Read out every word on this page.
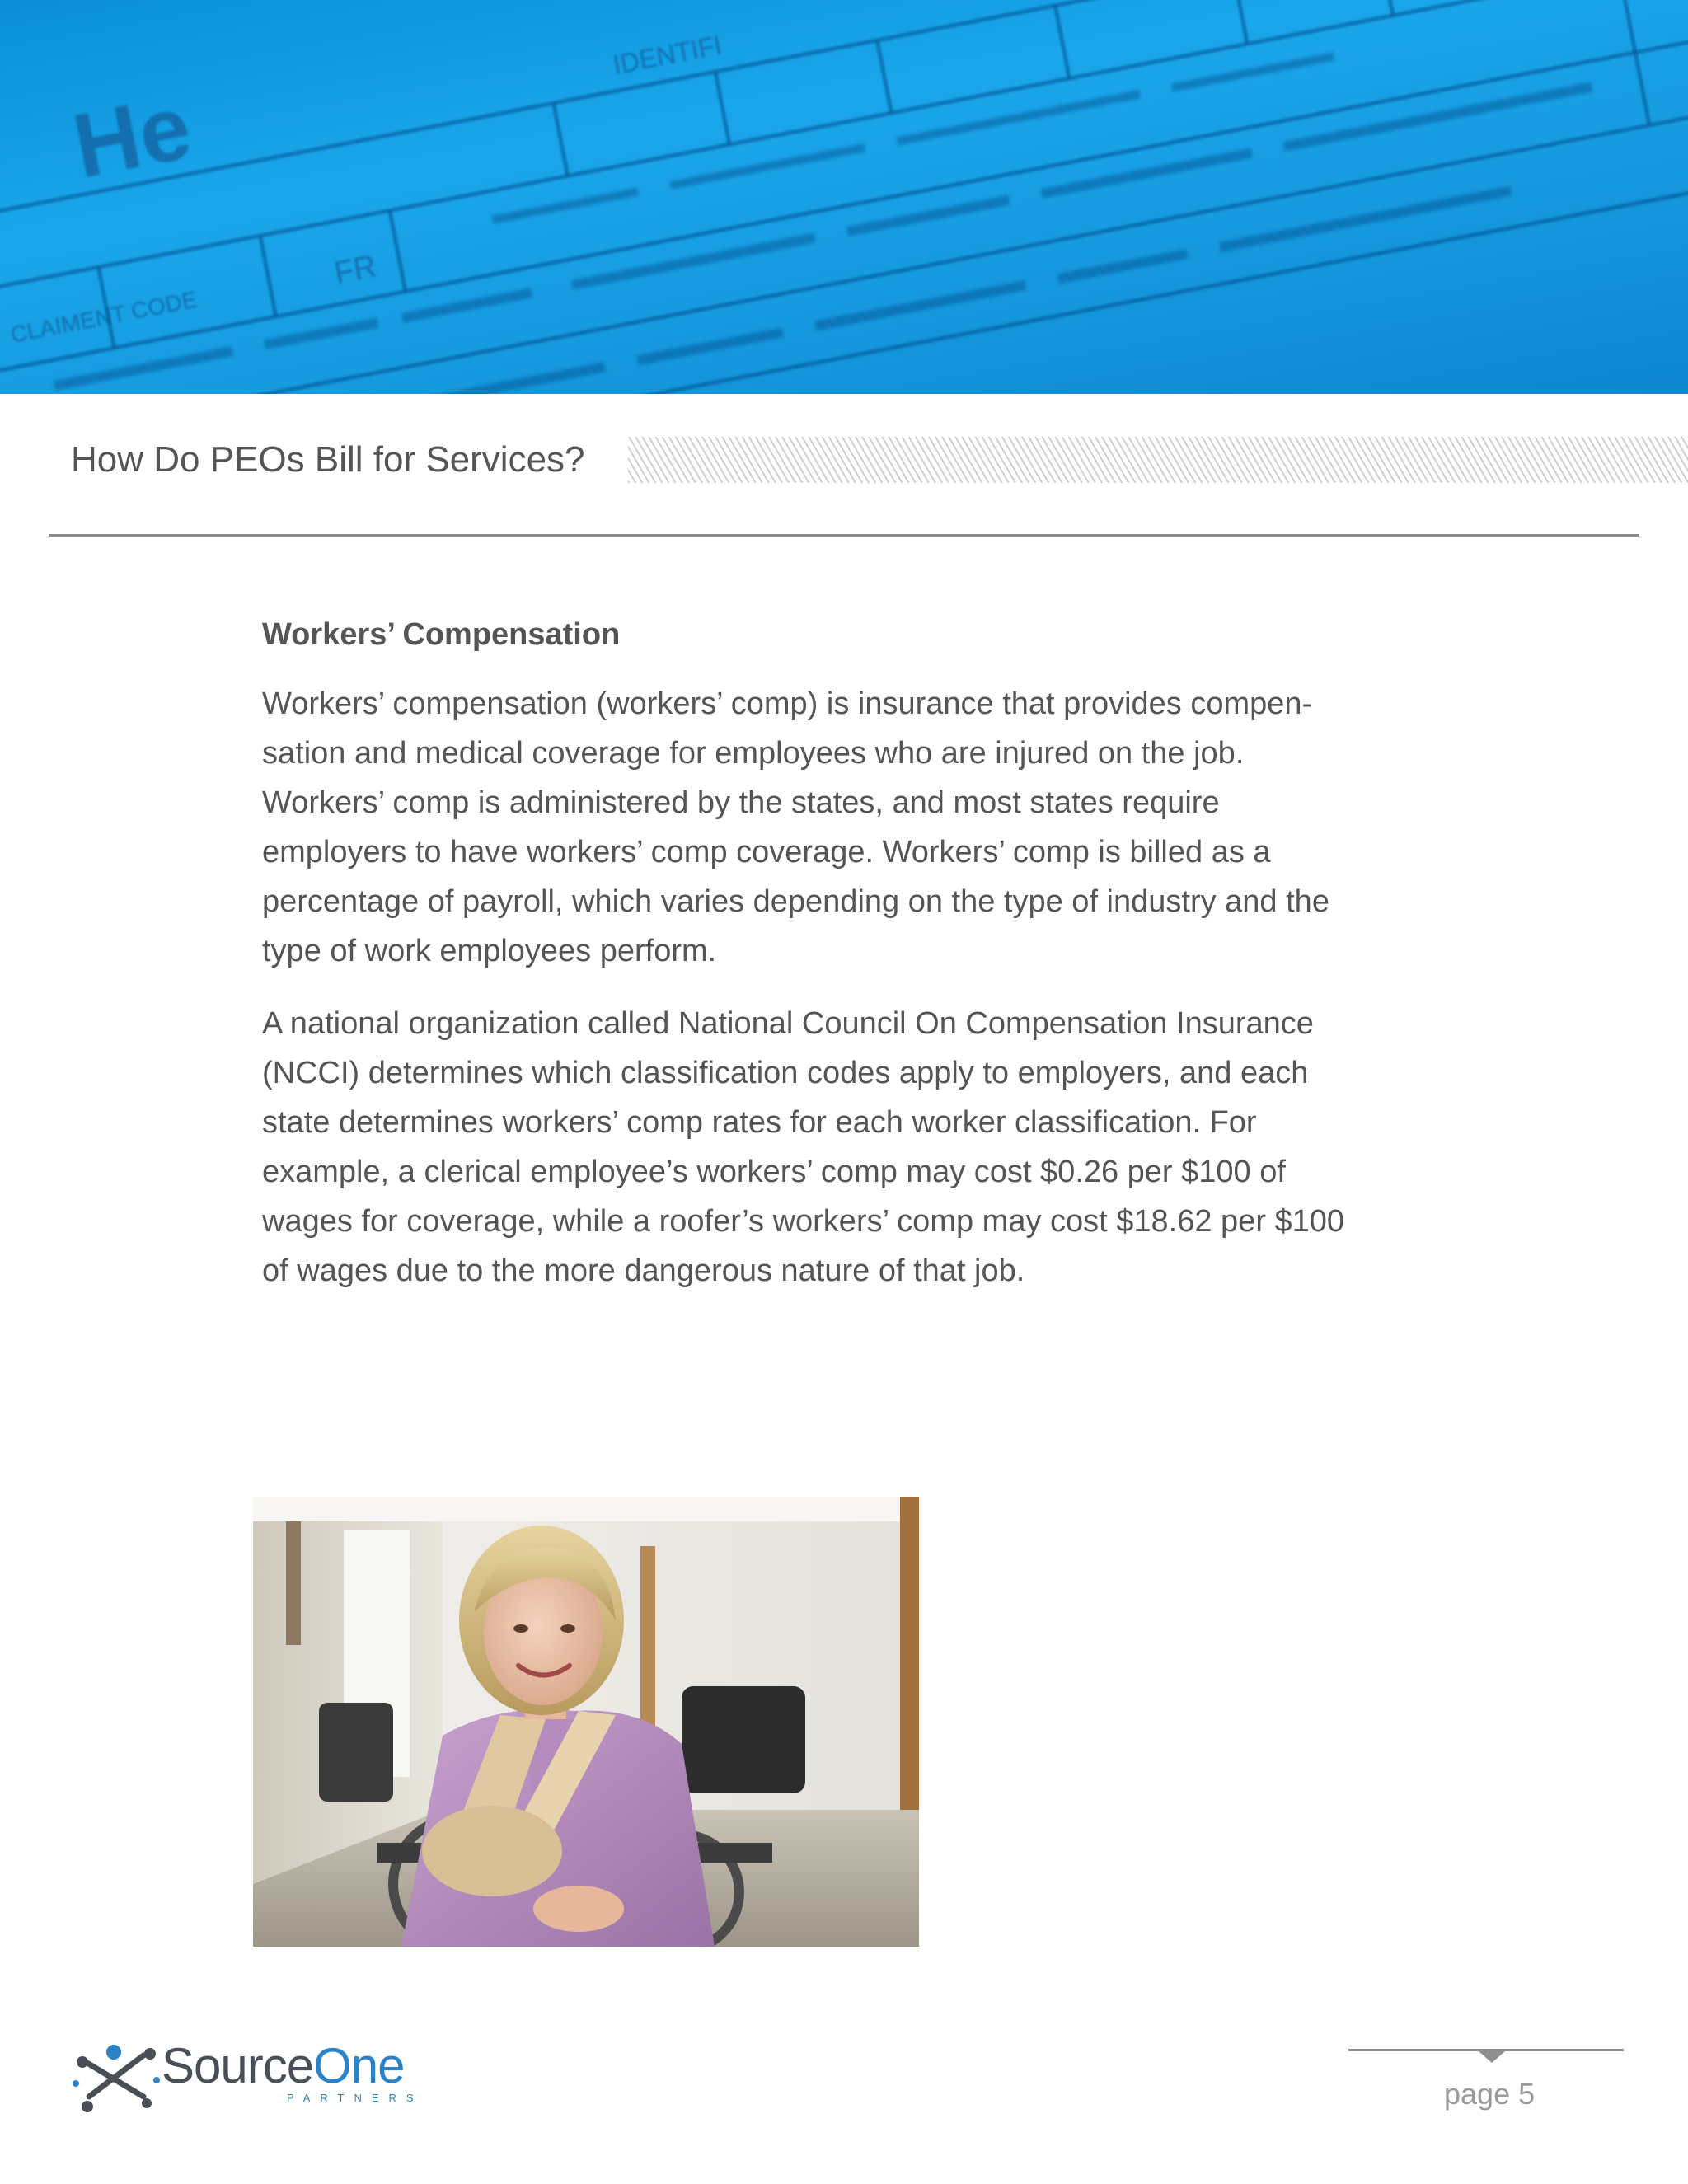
He
IDENTIFI
CLAIMENT CODE
FR
How Do PEOs Bill for Services?
Workers’ Compensation

Workers’ compensation (workers’ comp) is insurance that provides compen-sation and medical coverage for employees who are injured on the job. Workers’ comp is administered by the states, and most states require employers to have workers’ comp coverage. Workers’ comp is billed as a percentage of payroll, which varies depending on the type of industry and the type of work employees perform.

A national organization called National Council On Compensation Insurance (NCCI) determines which classification codes apply to employers, and each state determines workers’ comp rates for each worker classification. For example, a clerical employee’s workers’ comp may cost $0.26 per $100 of wages for coverage, while a roofer’s workers’ comp may cost $18.62 per $100 of wages due to the more dangerous nature of that job.

SourceOne
PARTNERS	page 5
